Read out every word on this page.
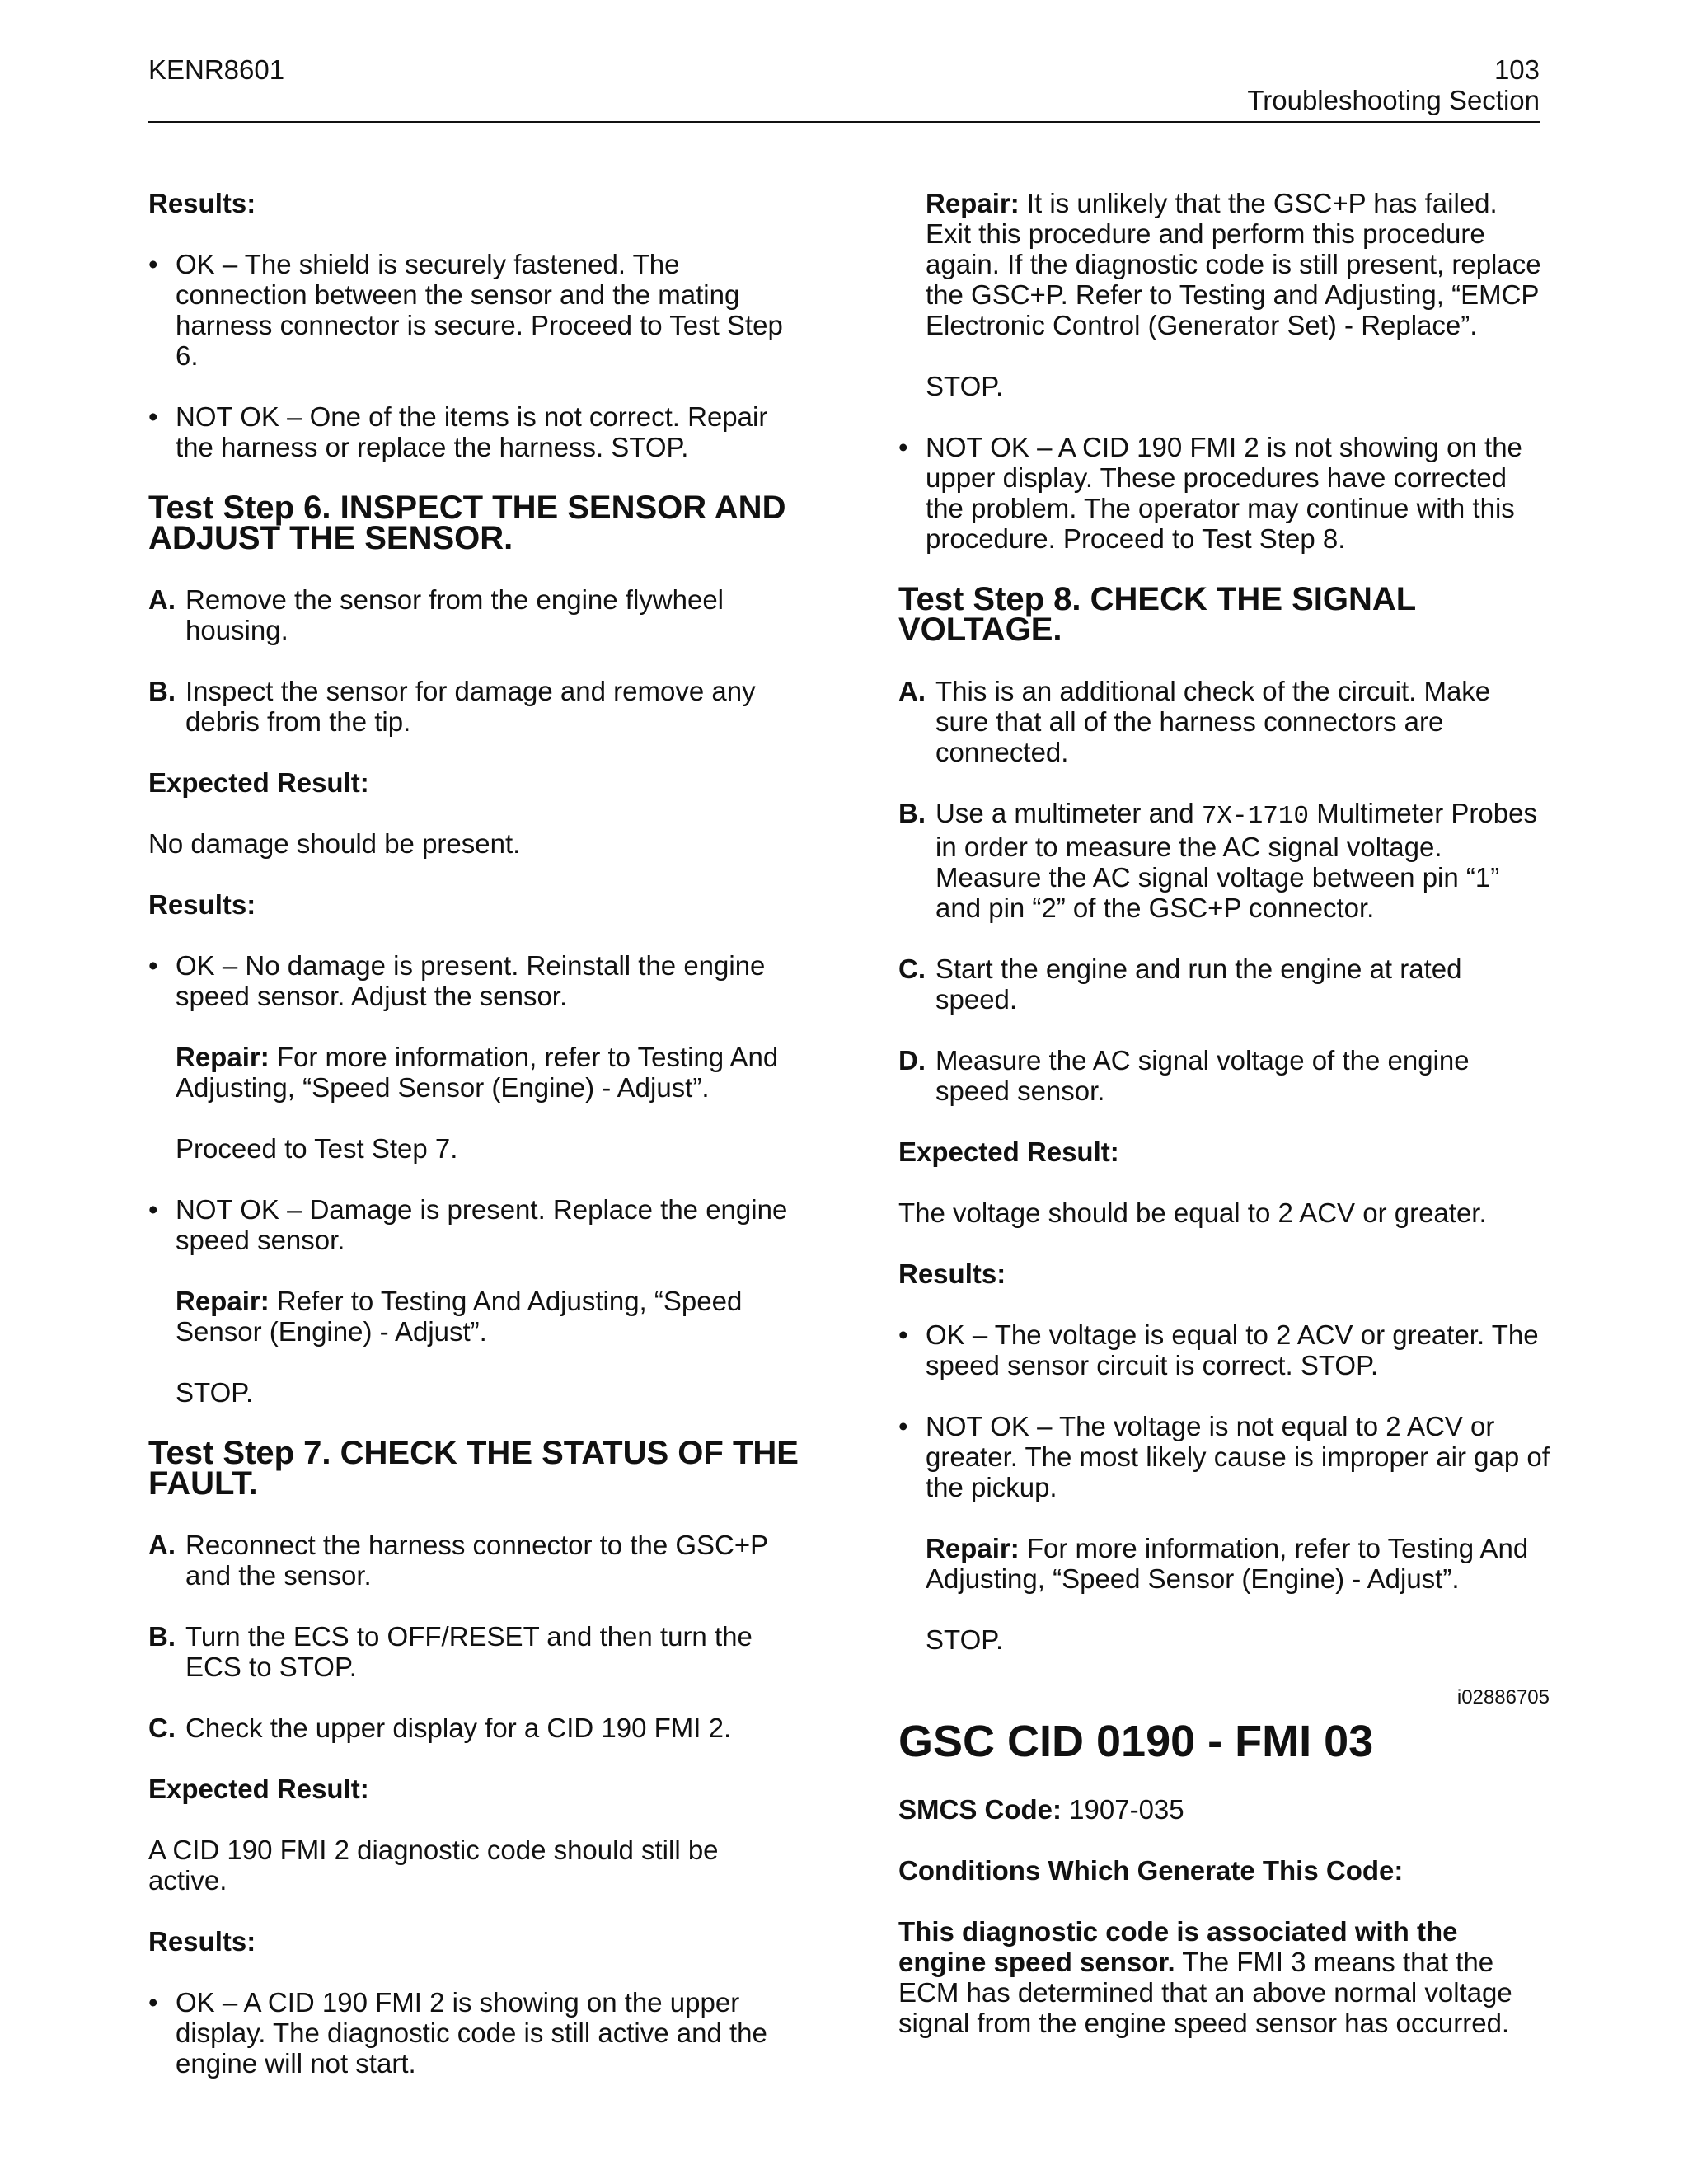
KENR8601	103
Troubleshooting Section

Results:

• OK – The shield is securely fastened. The connection between the sensor and the mating harness connector is secure. Proceed to Test Step 6.
• NOT OK – One of the items is not correct. Repair the harness or replace the harness. STOP.

Test Step 6. INSPECT THE SENSOR AND ADJUST THE SENSOR.

A. Remove the sensor from the engine flywheel housing.

B. Inspect the sensor for damage and remove any debris from the tip.

Expected Result:

No damage should be present.

Results:

• OK – No damage is present. Reinstall the engine speed sensor. Adjust the sensor.

Repair: For more information, refer to Testing And Adjusting, “Speed Sensor (Engine) - Adjust”.

Proceed to Test Step 7.

• NOT OK – Damage is present. Replace the engine speed sensor.

Repair: Refer to Testing And Adjusting, “Speed Sensor (Engine) - Adjust”.

STOP.

Test Step 7. CHECK THE STATUS OF THE FAULT.

A. Reconnect the harness connector to the GSC+P and the sensor.

B. Turn the ECS to OFF/RESET and then turn the ECS to STOP.

C. Check the upper display for a CID 190 FMI 2.

Expected Result:

A CID 190 FMI 2 diagnostic code should still be active.

Results:

• OK – A CID 190 FMI 2 is showing on the upper display. The diagnostic code is still active and the engine will not start.

Repair: It is unlikely that the GSC+P has failed. Exit this procedure and perform this procedure again. If the diagnostic code is still present, replace the GSC+P. Refer to Testing and Adjusting, “EMCP Electronic Control (Generator Set) - Replace”.

STOP.

• NOT OK – A CID 190 FMI 2 is not showing on the upper display. These procedures have corrected the problem. The operator may continue with this procedure. Proceed to Test Step 8.

Test Step 8. CHECK THE SIGNAL VOLTAGE.

A. This is an additional check of the circuit. Make sure that all of the harness connectors are connected.

B. Use a multimeter and 7X-1710 Multimeter Probes in order to measure the AC signal voltage. Measure the AC signal voltage between pin “1” and pin “2” of the GSC+P connector.

C. Start the engine and run the engine at rated speed.

D. Measure the AC signal voltage of the engine speed sensor.

Expected Result:

The voltage should be equal to 2 ACV or greater.

Results:

• OK – The voltage is equal to 2 ACV or greater. The speed sensor circuit is correct. STOP.

• NOT OK – The voltage is not equal to 2 ACV or greater. The most likely cause is improper air gap of the pickup.

Repair: For more information, refer to Testing And Adjusting, “Speed Sensor (Engine) - Adjust”.

STOP.

i02886705

GSC CID 0190 - FMI 03

SMCS Code: 1907-035

Conditions Which Generate This Code:

This diagnostic code is associated with the engine speed sensor. The FMI 3 means that the ECM has determined that an above normal voltage signal from the engine speed sensor has occurred.
